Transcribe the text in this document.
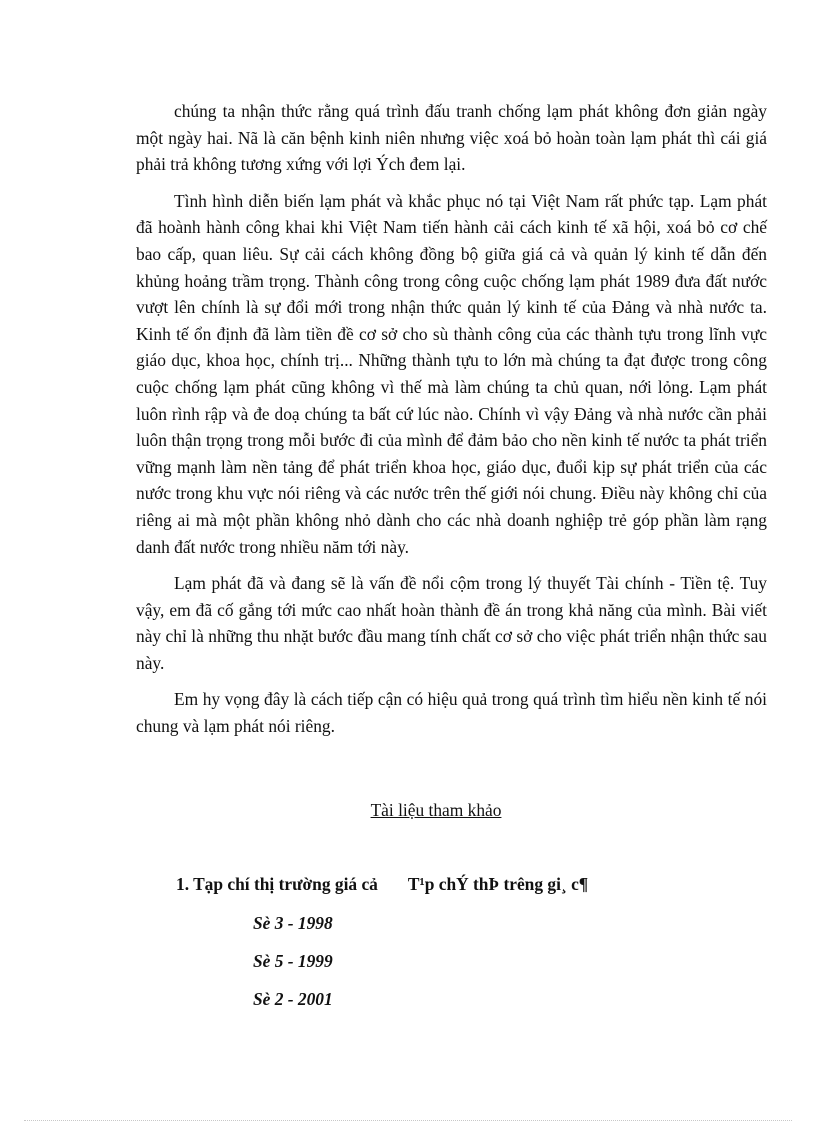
chúng ta nhận thức rằng quá trình đấu tranh chống lạm phát không đơn giản ngày một ngày hai. Nã là căn bệnh kinh niên nhưng việc xoá bỏ hoàn toàn lạm phát thì cái giá phải trả không tương xứng với lợi Ých đem lại.

Tình hình diễn biến lạm phát và khắc phục nó tại Việt Nam rất phức tạp. Lạm phát đã hoành hành công khai khi Việt Nam tiến hành cải cách kinh tế xã hội, xoá bỏ cơ chế bao cấp, quan liêu. Sự cải cách không đồng bộ giữa giá cả và quản lý kinh tế dẫn đến khủng hoảng trầm trọng. Thành công trong công cuộc chống lạm phát 1989 đưa đất nước vượt lên chính là sự đổi mới trong nhận thức quản lý kinh tế của Đảng và nhà nước ta. Kinh tế ổn định đã làm tiền đề cơ sở cho sù thành công của các thành tựu trong lĩnh vực giáo dục, khoa học, chính trị... Những thành tựu to lớn mà chúng ta đạt được trong công cuộc chống lạm phát cũng không vì thế mà làm chúng ta chủ quan, nới lỏng. Lạm phát luôn rình rập và đe doạ chúng ta bất cứ lúc nào. Chính vì vậy Đảng và nhà nước cần phải luôn thận trọng trong mỗi bước đi của mình để đảm bảo cho nền kinh tế nước ta phát triển vững mạnh làm nền tảng để phát triển khoa học, giáo dục, đuổi kịp sự phát triển của các nước trong khu vực nói riêng và các nước trên thế giới nói chung. Điều này không chỉ của riêng ai mà một phần không nhỏ dành cho các nhà doanh nghiệp trẻ góp phần làm rạng danh đất nước trong nhiều năm tới này.

Lạm phát đã và đang sẽ là vấn đề nổi cộm trong lý thuyết Tài chính - Tiền tệ. Tuy vậy, em đã cố gắng tới mức cao nhất hoàn thành đề án trong khả năng của mình. Bài viết này chỉ là những thu nhặt bước đầu mang tính chất cơ sở cho việc phát triển nhận thức sau này.

Em hy vọng đây là cách tiếp cận có hiệu quả trong quá trình tìm hiểu nền kinh tế nói chung và lạm phát nói riêng.

Tài liệu tham khảo
1. Tạp chí thị trường giá cả T¹p chÝ thÞ trêng gi¸ c¶
Sè 3 - 1998
Sè 5 - 1999
Sè 2 - 2001
